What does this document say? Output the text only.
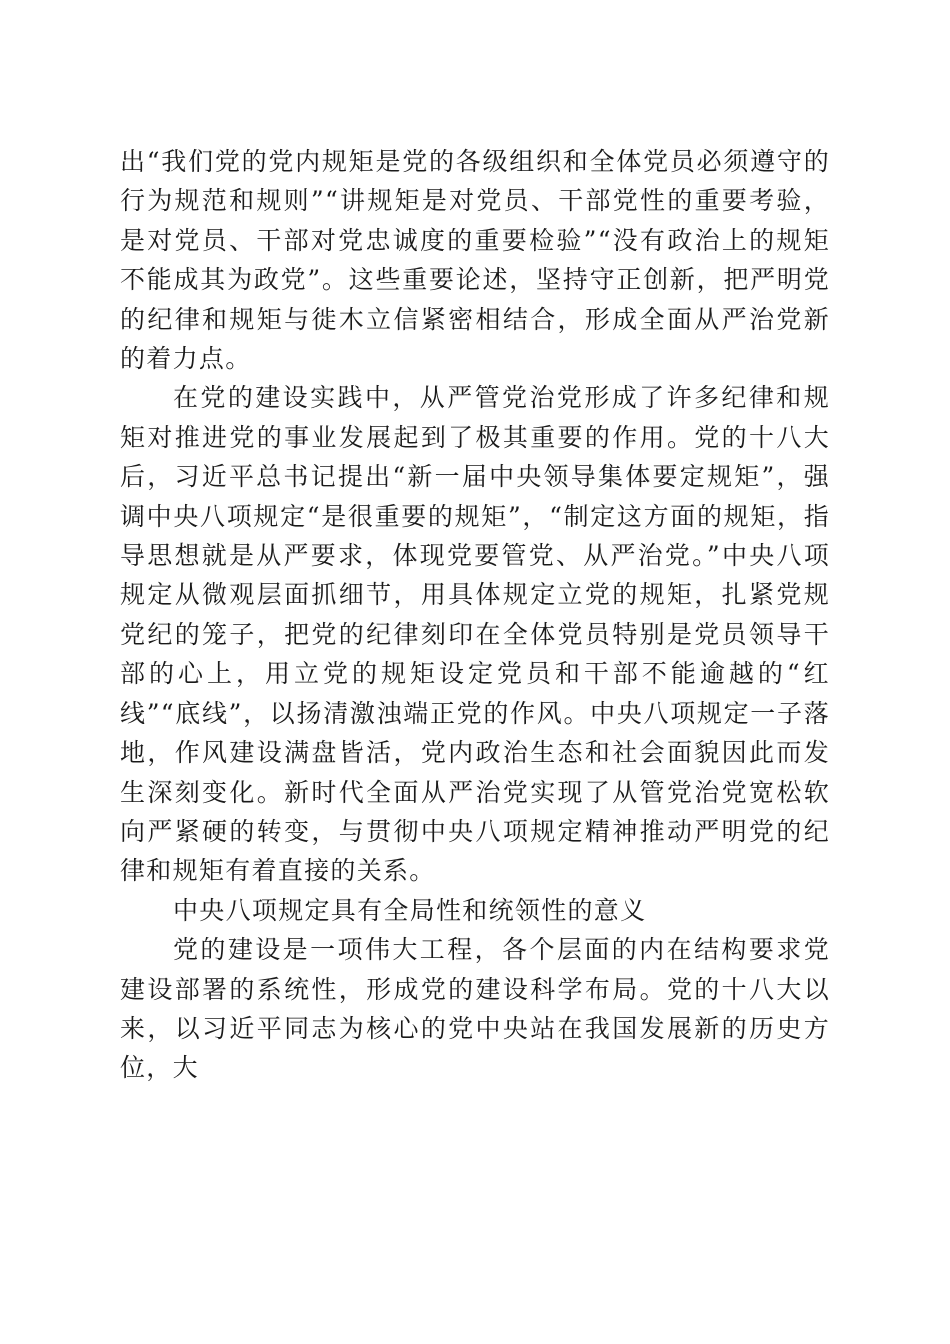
出“我们党的党内规矩是党的各级组织和全体党员必须遵守的行为规范和规则”“讲规矩是对党员、干部党性的重要考验，是对党员、干部对党忠诚度的重要检验”“没有政治上的规矩不能成其为政党”。这些重要论述，坚持守正创新，把严明党的纪律和规矩与徙木立信紧密相结合，形成全面从严治党新的着力点。

在党的建设实践中，从严管党治党形成了许多纪律和规矩对推进党的事业发展起到了极其重要的作用。党的十八大后，习近平总书记提出“新一届中央领导集体要定规矩”，强调中央八项规定“是很重要的规矩”，“制定这方面的规矩，指导思想就是从严要求，体现党要管党、从严治党。”中央八项规定从微观层面抓细节，用具体规定立党的规矩，扎紧党规党纪的笼子，把党的纪律刻印在全体党员特别是党员领导干部的心上，用立党的规矩设定党员和干部不能逾越的“红线”“底线”，以扬清激浊端正党的作风。中央八项规定一子落地，作风建设满盘皆活，党内政治生态和社会面貌因此而发生深刻变化。新时代全面从严治党实现了从管党治党宽松软向严紧硬的转变，与贯彻中央八项规定精神推动严明党的纪律和规矩有着直接的关系。

中央八项规定具有全局性和统领性的意义

党的建设是一项伟大工程，各个层面的内在结构要求党建设部署的系统性，形成党的建设科学布局。党的十八大以来，以习近平同志为核心的党中央站在我国发展新的历史方位，大
